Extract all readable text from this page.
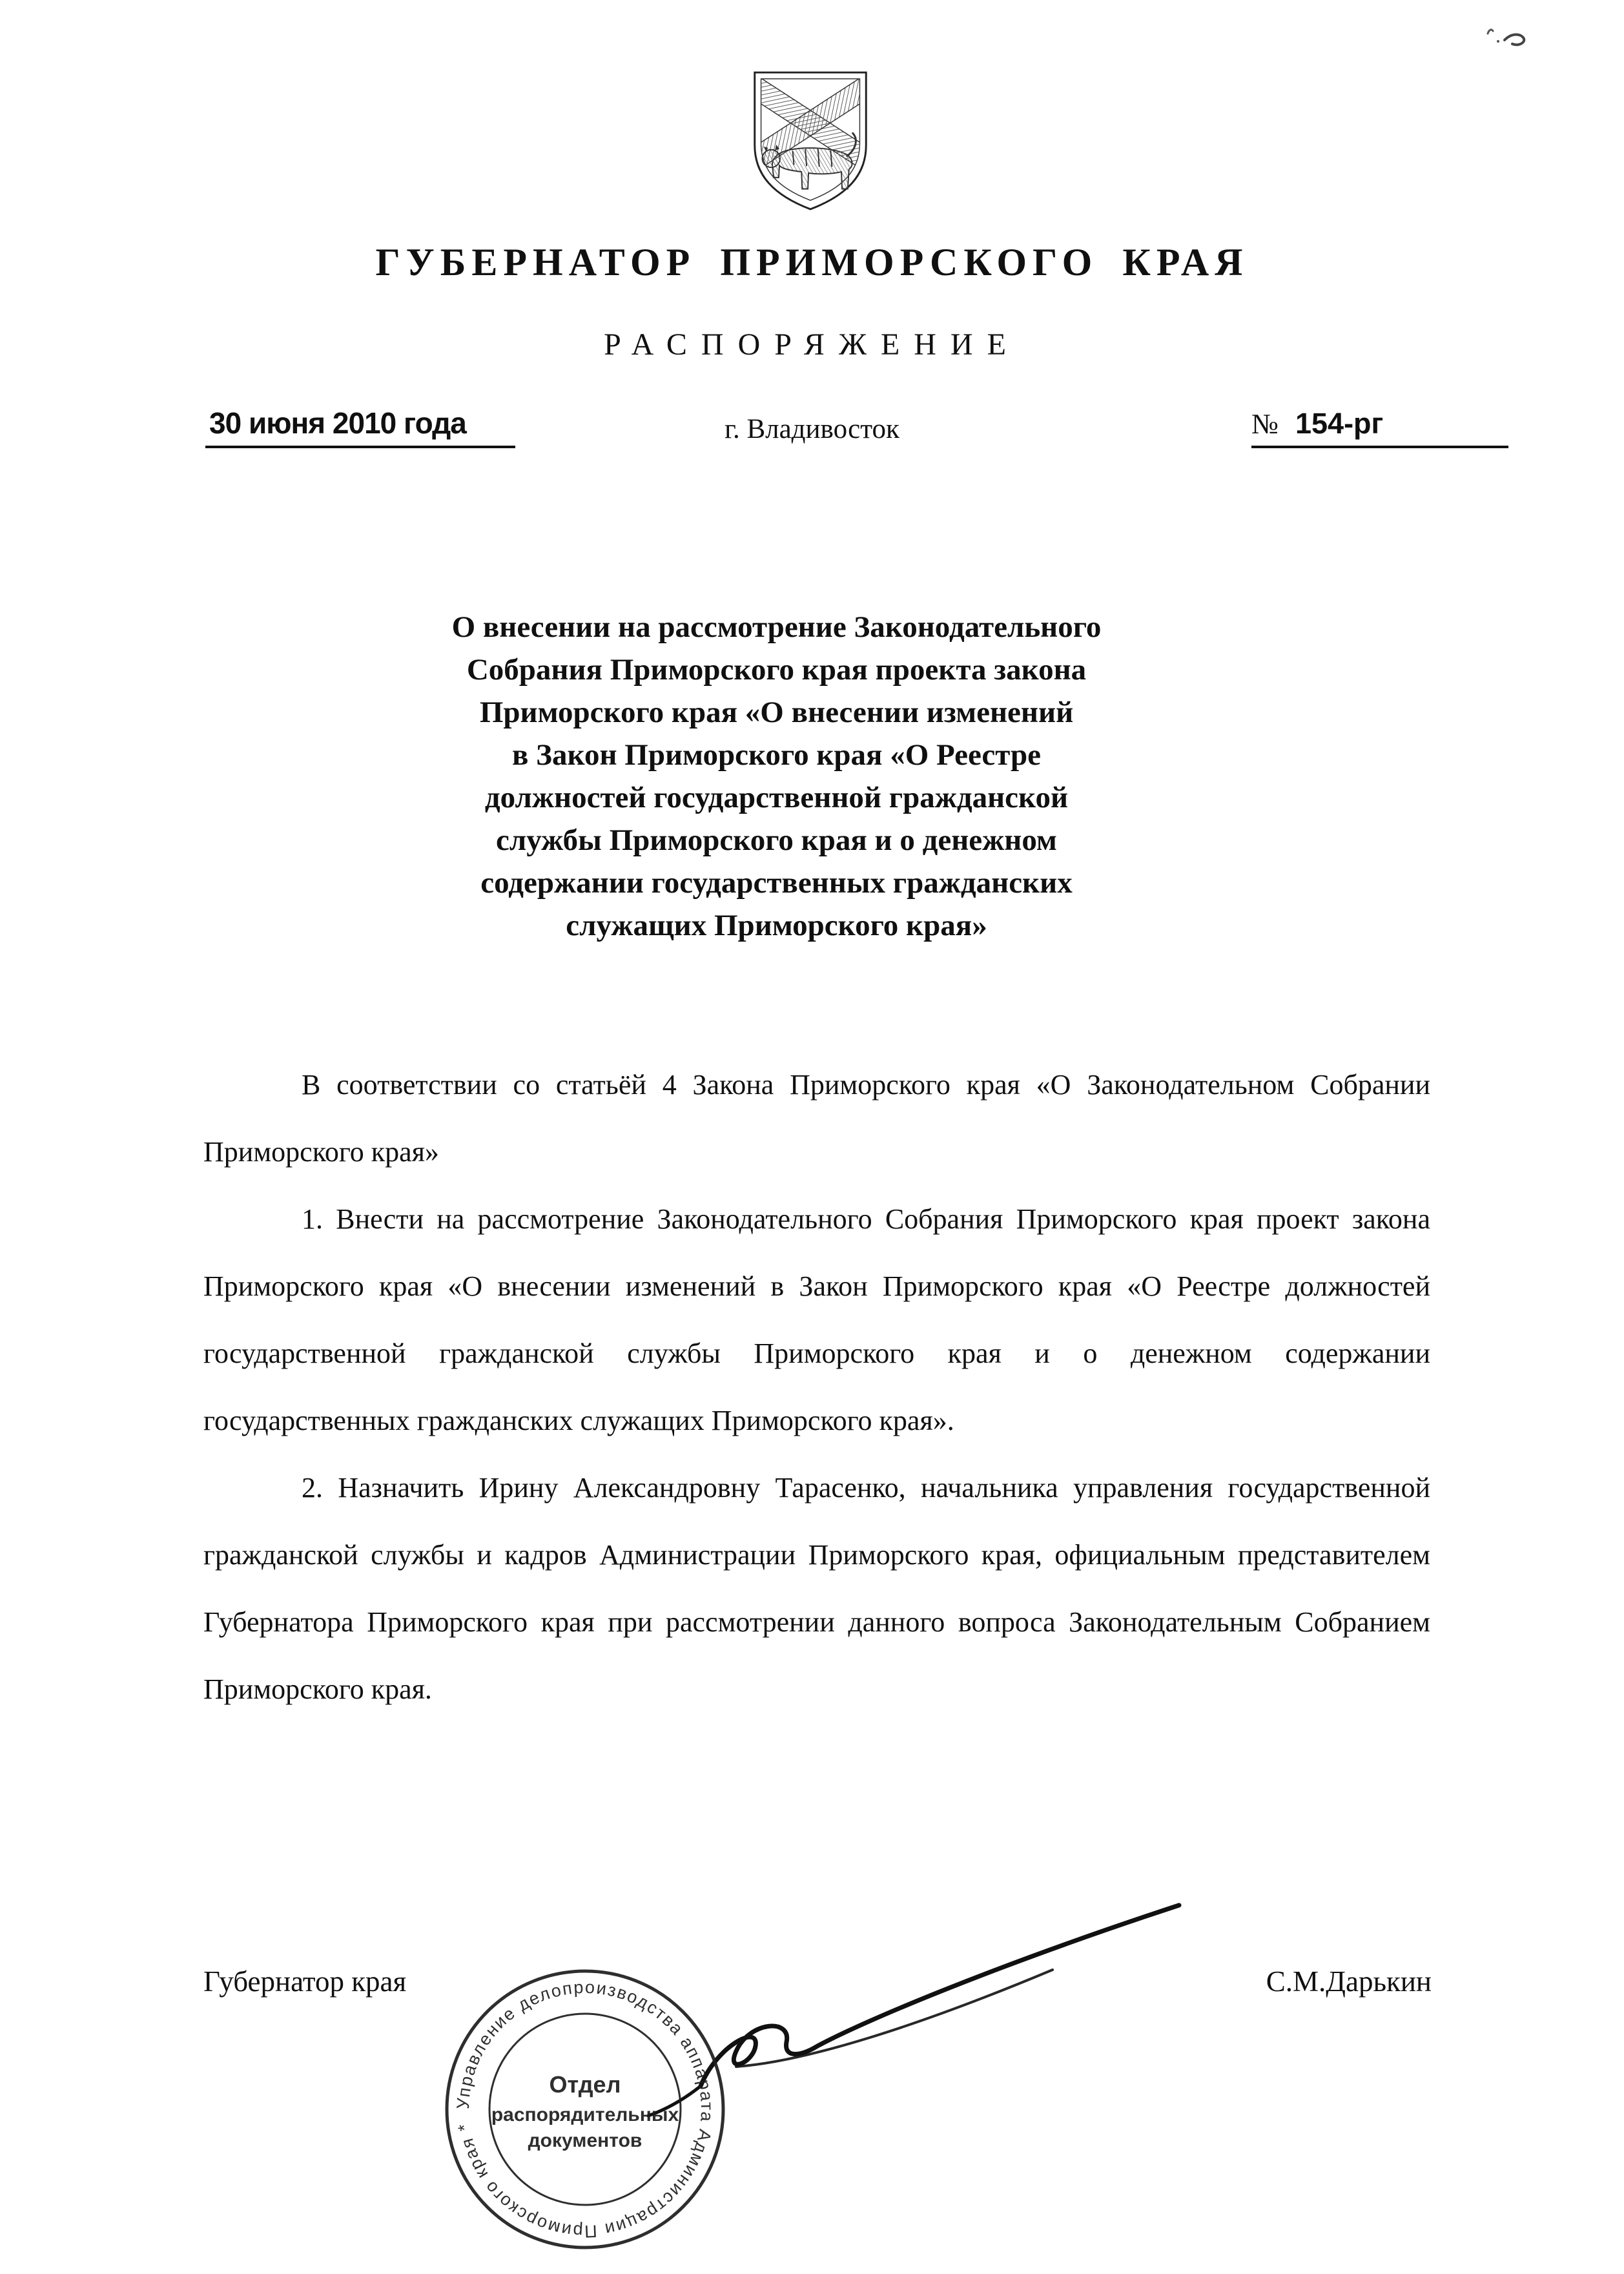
ГУБЕРНАТОР ПРИМОРСКОГО КРАЯ
РАСПОРЯЖЕНИЕ
30 июня 2010 года	г. Владивосток	№ 154-рг
О внесении на рассмотрение Законодательного
Собрания Приморского края проекта закона
Приморского края «О внесении изменений
в Закон Приморского края «О Реестре
должностей государственной гражданской
службы Приморского края и о денежном
содержании государственных гражданских
служащих Приморского края»

В соответствии со статьёй 4 Закона Приморского края «О Законодательном Собрании Приморского края»

1. Внести на рассмотрение Законодательного Собрания Приморского края проект закона Приморского края «О внесении изменений в Закон Приморского края «О Реестре должностей государственной гражданской службы Приморского края и о денежном содержании государственных гражданских служащих Приморского края».

2. Назначить Ирину Александровну Тарасенко, начальника управления государственной гражданской службы и кадров Администрации Приморского края, официальным представителем Губернатора Приморского края при рассмотрении данного вопроса Законодательным Собранием Приморского края.

Губернатор края	С.М.Дарькин
Управление делопроизводства аппарата Администрации Приморского края *
Отдел
распорядительных
документов
